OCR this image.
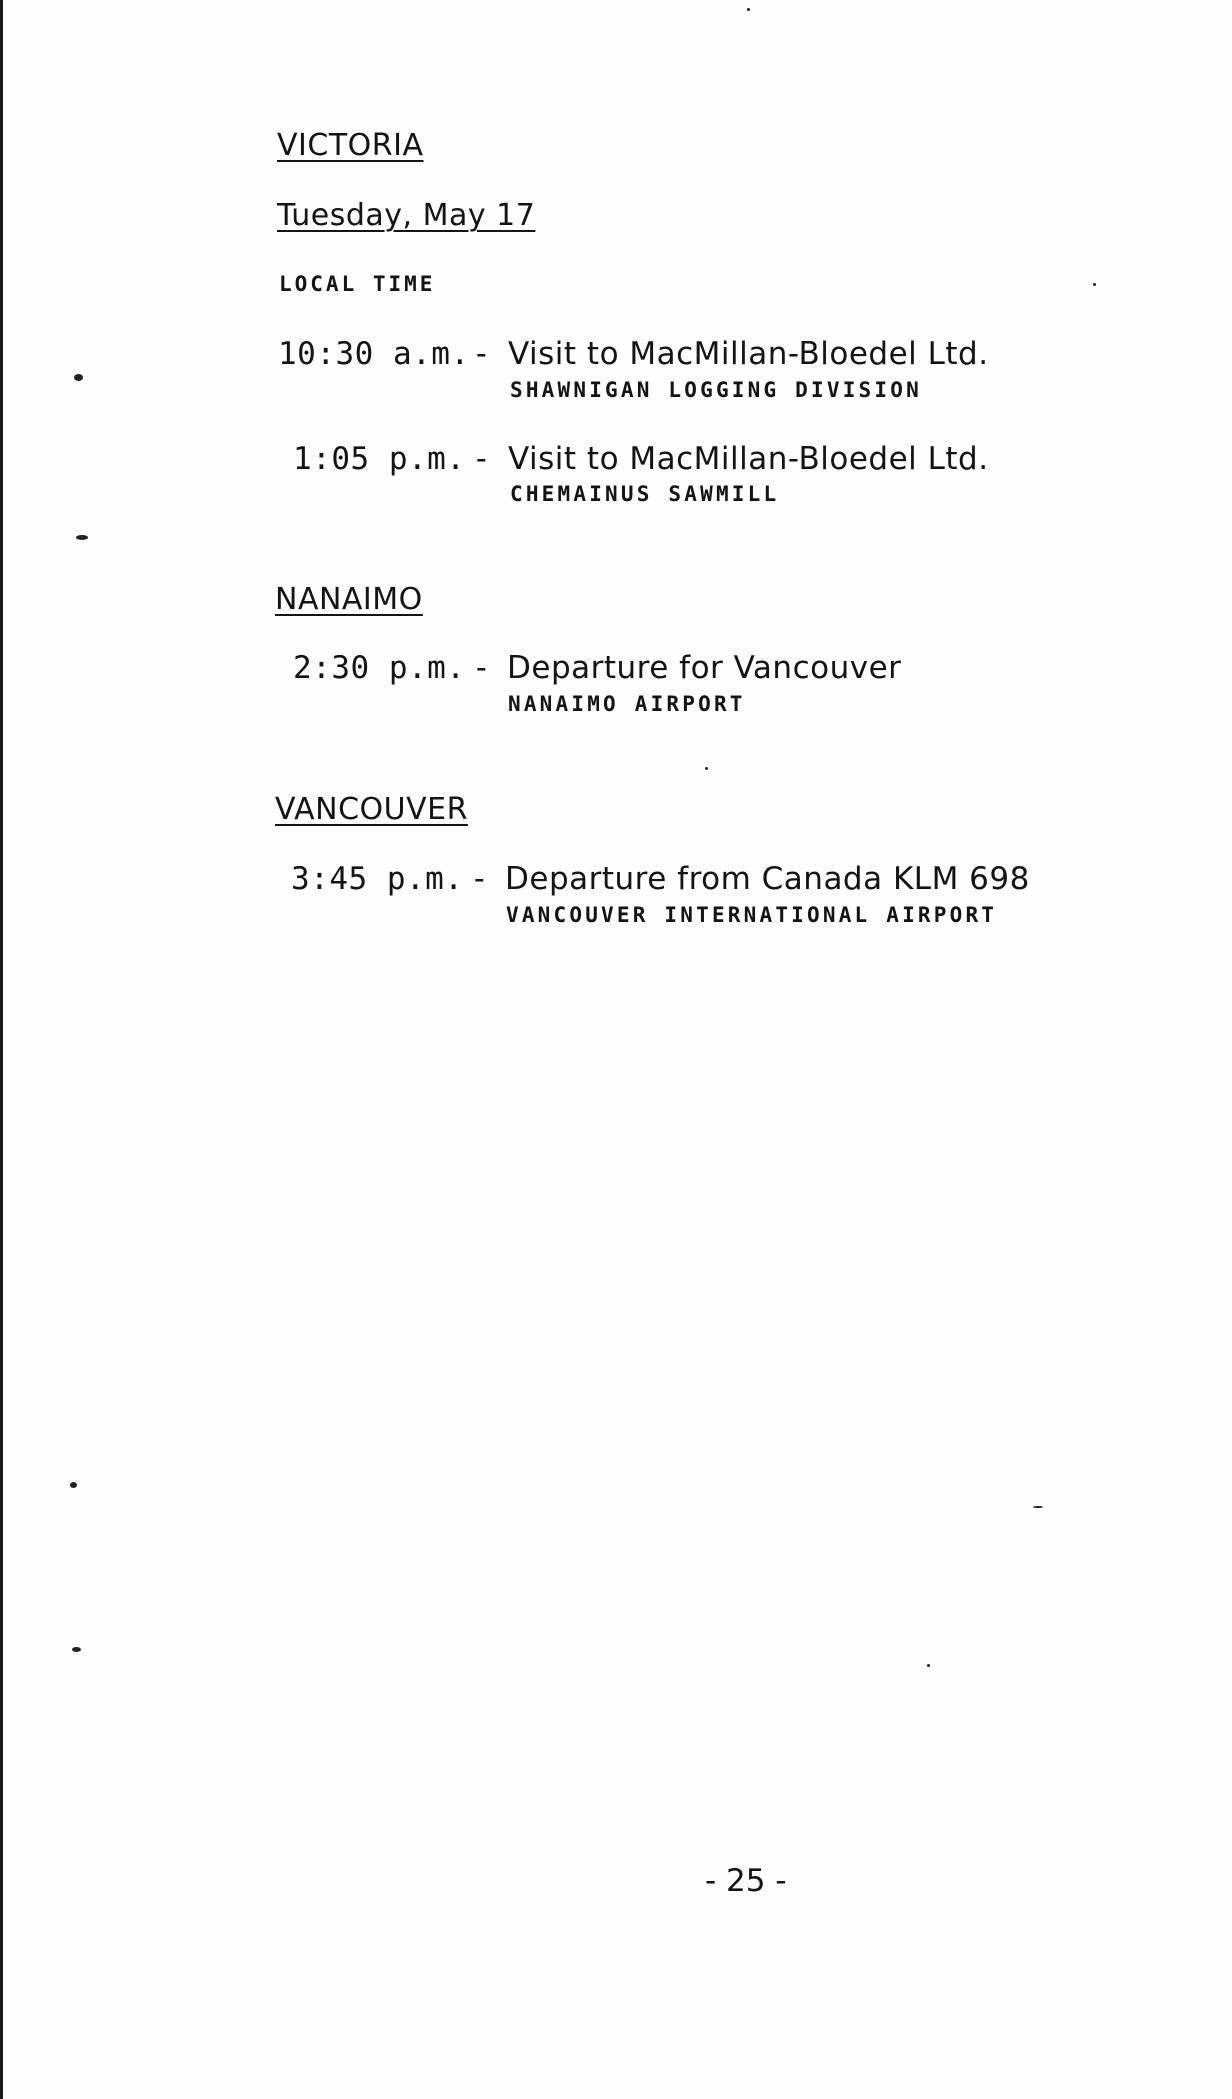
VICTORIA
Tuesday, May 17
LOCAL TIME
10:30 a.m. - Visit to MacMillan-Bloedel Ltd.
SHAWNIGAN LOGGING DIVISION
1:05 p.m. - Visit to MacMillan-Bloedel Ltd.
CHEMAINUS SAWMILL
NANAIMO
2:30 p.m. - Departure for Vancouver
NANAIMO AIRPORT
VANCOUVER
3:45 p.m. - Departure from Canada KLM 698
VANCOUVER INTERNATIONAL AIRPORT
- 25 -
